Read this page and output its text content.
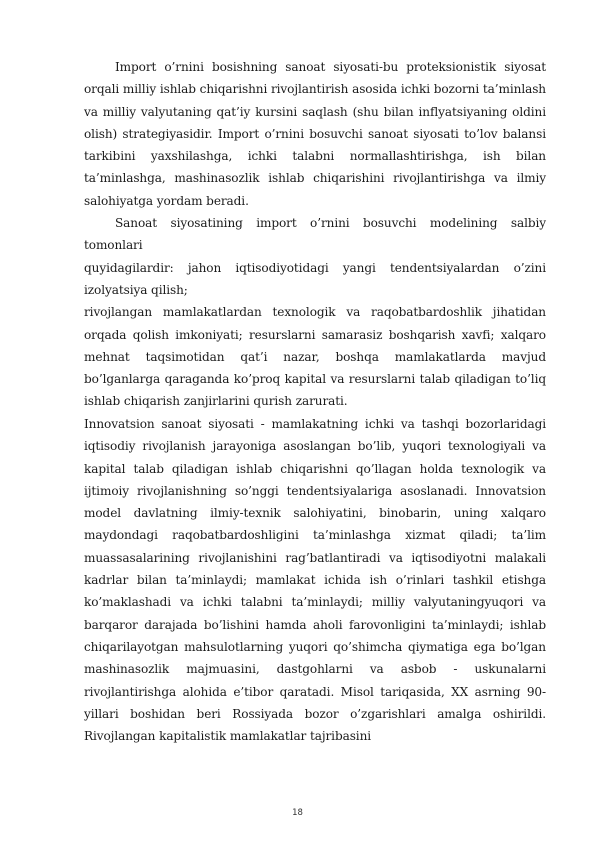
Import o’rnini bosishning sanoat siyosati-bu proteksionistik siyosat orqali milliy ishlab chiqarishni rivojlantirish asosida ichki bozorni ta’minlash va milliy valyutaning qat’iy kursini saqlash (shu bilan inflyatsiyaning oldini olish) strategiyasidir. Import o’rnini bosuvchi sanoat siyosati to’lov balansi tarkibini yaxshilashga, ichki talabni normallashtirishga, ish bilan ta’minlashga, mashinasozlik ishlab chiqarishini rivojlantirishga va ilmiy salohiyatga yordam beradi.

Sanoat siyosatining import o’rnini bosuvchi modelining salbiy tomonlari

quyidagilardir: jahon iqtisodiyotidagi yangi tendentsiyalardan o’zini izolyatsiya qilish;

rivojlangan mamlakatlardan texnologik va raqobatbardoshlik jihatidan orqada qolish imkoniyati; resurslarni samarasiz boshqarish xavfi; xalqaro mehnat taqsimotidan qat’i nazar, boshqa mamlakatlarda mavjud bo’lganlarga qaraganda ko’proq kapital va resurslarni talab qiladigan to’liq ishlab chiqarish zanjirlarini qurish zarurati.

Innovatsion sanoat siyosati - mamlakatning ichki va tashqi bozorlaridagi iqtisodiy rivojlanish jarayoniga asoslangan bo’lib, yuqori texnologiyali va kapital talab qiladigan ishlab chiqarishni qo’llagan holda texnologik va ijtimoiy rivojlanishning so’nggi tendentsiyalariga asoslanadi. Innovatsion model davlatning ilmiy-texnik salohiyatini, binobarin, uning xalqaro maydondagi raqobatbardoshligini ta’minlashga xizmat qiladi; ta’lim muassasalarining rivojlanishini rag’batlantiradi va iqtisodiyotni malakali kadrlar bilan ta’minlaydi; mamlakat ichida ish o’rinlari tashkil etishga ko’maklashadi va ichki talabni ta’minlaydi; milliy valyutaningyuqori va barqaror darajada bo’lishini hamda aholi farovonligini ta’minlaydi; ishlab chiqarilayotgan mahsulotlarning yuqori qo’shimcha qiymatiga ega bo’lgan mashinasozlik majmuasini, dastgohlarni va asbob - uskunalarni rivojlantirishga alohida e’tibor qaratadi. Misol tariqasida, XX asrning 90-yillari boshidan beri Rossiyada bozor o’zgarishlari amalga oshirildi. Rivojlangan kapitalistik mamlakatlar tajribasini

18
